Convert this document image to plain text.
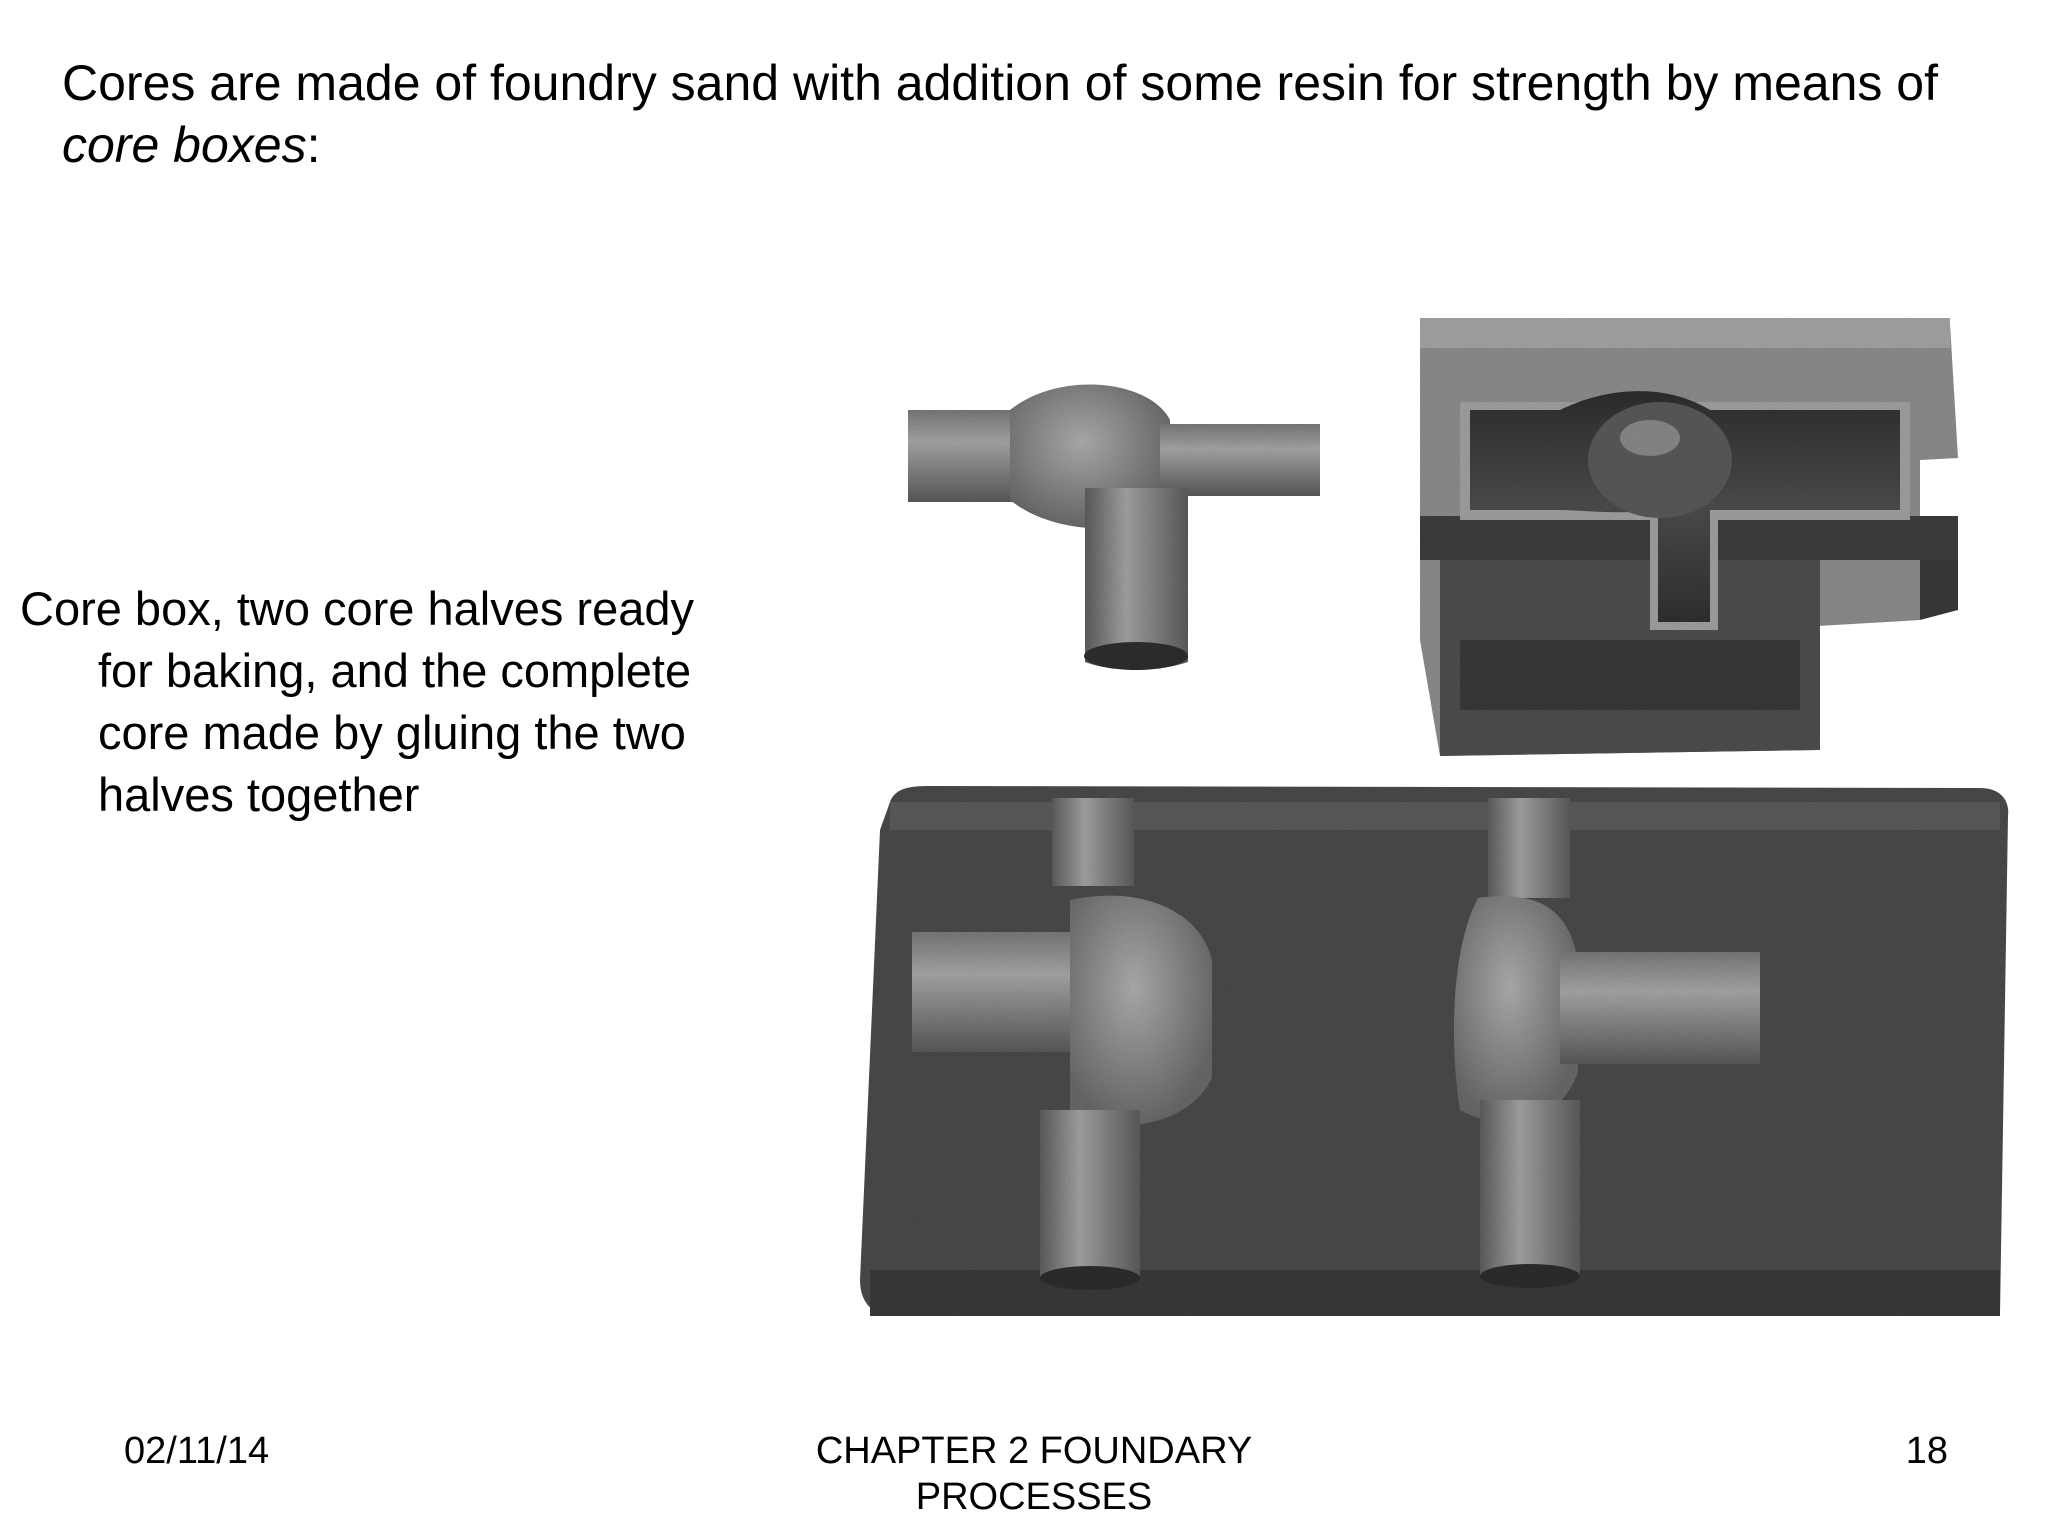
Cores are made of foundry sand with addition of some resin for strength by means of core boxes:
Core box, two core halves ready
for baking, and the complete
core made by gluing the two
halves together
02/11/14	CHAPTER 2 FOUNDARY PROCESSES
18
